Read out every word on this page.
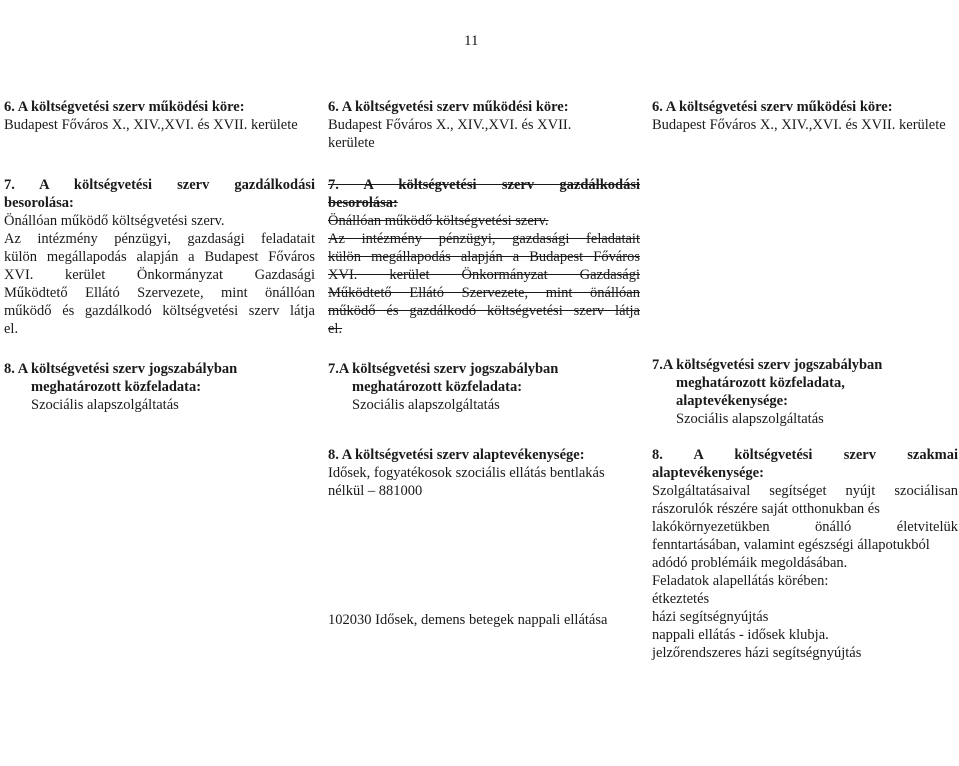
11
6. A költségvetési szerv működési köre:
Budapest Főváros X., XIV.,XVI. és XVII. kerülete
7. A költségvetési szerv gazdálkodási
besorolása:
Önállóan működő költségvetési szerv.
Az intézmény pénzügyi, gazdasági feladatait
külön megállapodás alapján a Budapest Főváros
XVI. kerület Önkormányzat Gazdasági
Működtető Ellátó Szervezete, mint önállóan
működő és gazdálkodó költségvetési szerv látja
el.
8. A költségvetési szerv jogszabályban
meghatározott közfeladata:
Szociális alapszolgáltatás
6. A költségvetési szerv működési köre:
Budapest Főváros X., XIV.,XVI. és XVII.
kerülete
7. A költségvetési szerv gazdálkodási
besorolása:
Önállóan működő költségvetési szerv.
Az intézmény pénzügyi, gazdasági feladatait
külön megállapodás alapján a Budapest Főváros
XVI. kerület Önkormányzat Gazdasági
Működtető Ellátó Szervezete, mint önállóan
működő és gazdálkodó költségvetési szerv látja
el.
7.A költségvetési szerv jogszabályban
meghatározott közfeladata:
Szociális alapszolgáltatás
8. A költségvetési szerv alaptevékenysége:
Idősek, fogyatékosok szociális ellátás bentlakás
nélkül – 881000
102030 Idősek, demens betegek nappali ellátása
6. A költségvetési szerv működési köre:
Budapest Főváros X., XIV.,XVI. és XVII. kerülete
7.A költségvetési szerv jogszabályban
meghatározott közfeladata,
alaptevékenysége:
Szociális alapszolgáltatás
8. A költségvetési szerv szakmai
alaptevékenysége:
Szolgáltatásaival segítséget nyújt szociálisan
rászorulók részére saját otthonukban és
lakókörnyezetükben önálló életvitelük
fenntartásában, valamint egészségi állapotukból
adódó problémáik megoldásában.
Feladatok alapellátás körében:
étkeztetés
házi segítségnyújtás
nappali ellátás - idősek klubja.
jelzőrendszeres házi segítségnyújtás
